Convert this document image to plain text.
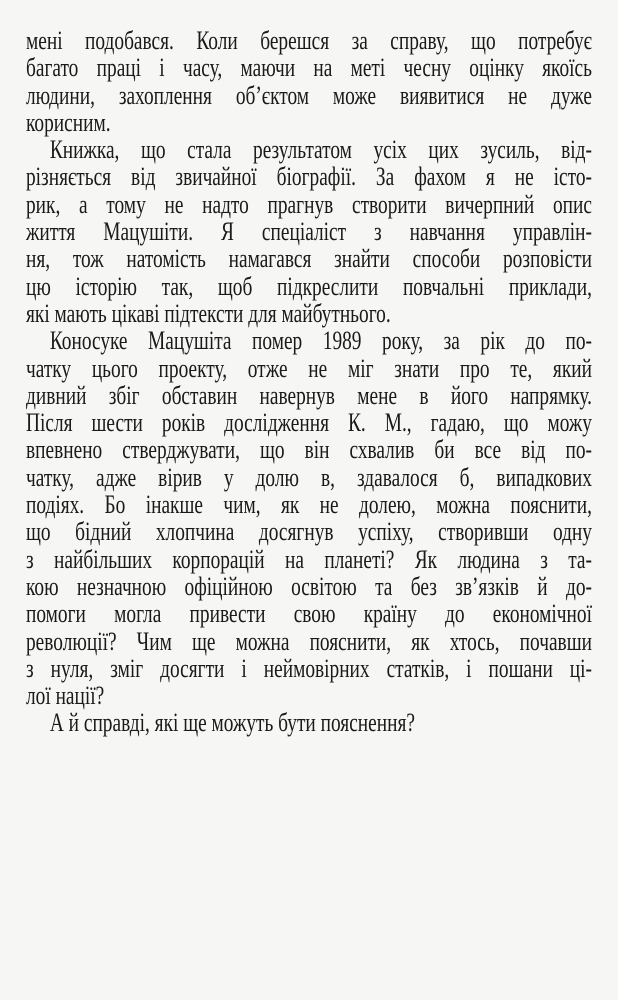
мені подобався. Коли берешся за справу, що потребує
багато праці і часу, маючи на меті чесну оцінку якоїсь
людини, захоплення об’єктом може виявитися не дуже
корисним.
Книжка, що стала результатом усіх цих зусиль, від-
різняється від звичайної біографії. За фахом я не істо-
рик, а тому не надто прагнув створити вичерпний опис
життя Мацушіти. Я спеціаліст з навчання управлін-
ня, тож натомість намагався знайти способи розповісти
цю історію так, щоб підкреслити повчальні приклади,
які мають цікаві підтексти для майбутнього.
Коносуке Мацушіта помер 1989 року, за рік до по-
чатку цього проекту, отже не міг знати про те, який
дивний збіг обставин навернув мене в його напрямку.
Після шести років дослідження К. М., гадаю, що можу
впевнено стверджувати, що він схвалив би все від по-
чатку, адже вірив у долю в, здавалося б, випадкових
подіях. Бо інакше чим, як не долею, можна пояснити,
що бідний хлопчина досягнув успіху, створивши одну
з найбільших корпорацій на планеті? Як людина з та-
кою незначною офіційною освітою та без зв’язків й до-
помоги могла привести свою країну до економічної
революції? Чим ще можна пояснити, як хтось, почавши
з нуля, зміг досягти і неймовірних статків, і пошани ці-
лої нації?
А й справді, які ще можуть бути пояснення?
